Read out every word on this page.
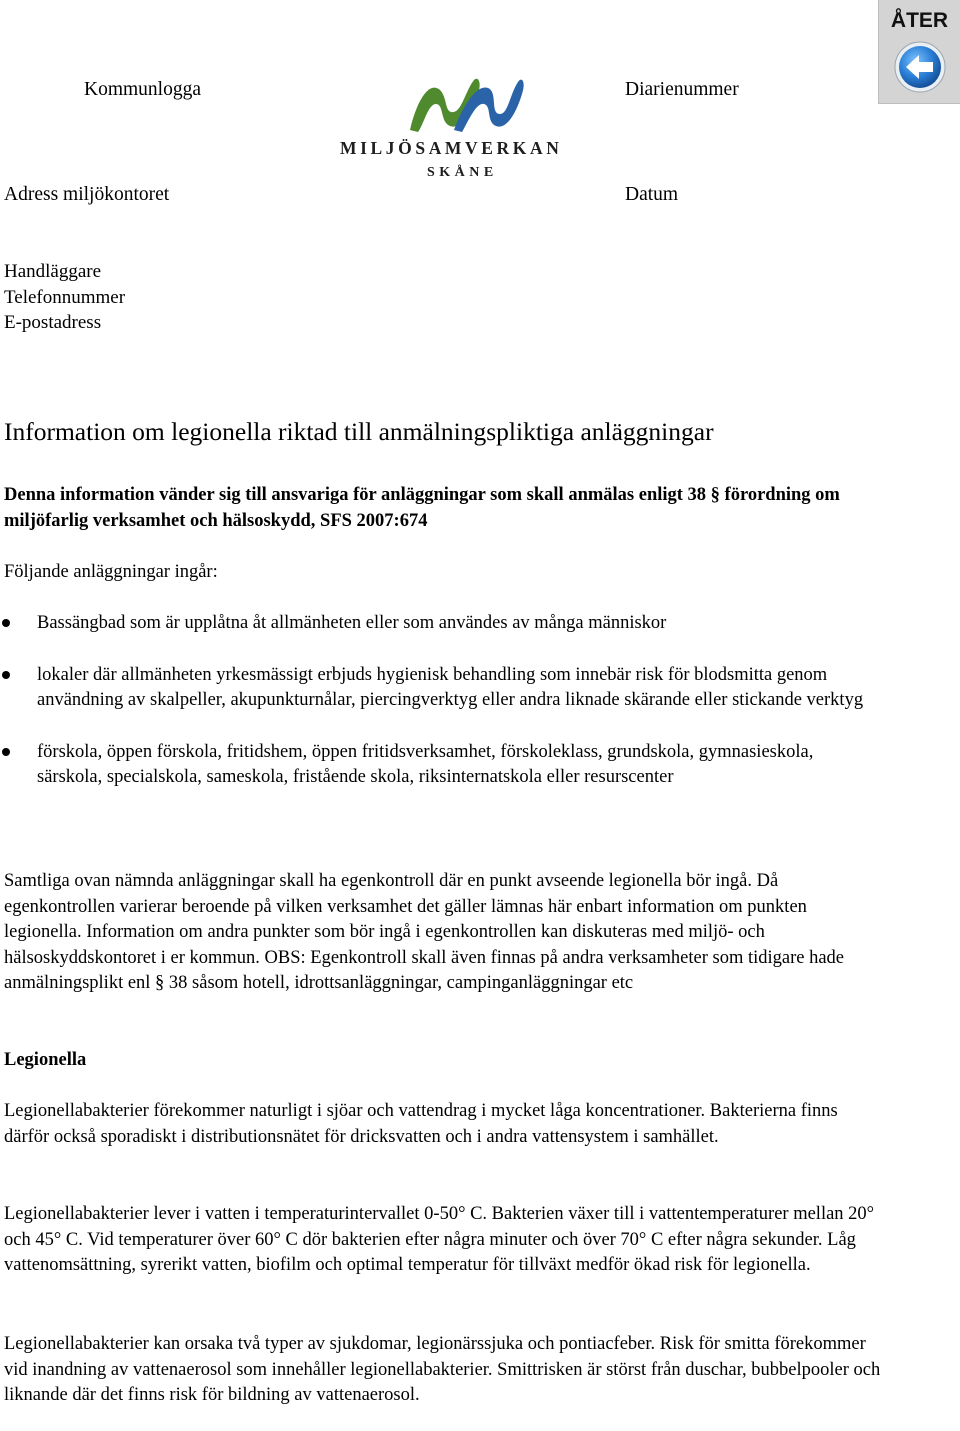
ÅTER
Kommunlogga	Diarienummer
Adress miljökontoret	Datum
MILJÖSAMVERKAN
SKÅNE
Handläggare
Telefonnummer
E-postadress
Information om legionella riktad till anmälningspliktiga anläggningar
Denna information vänder sig till ansvariga för anläggningar som skall anmälas enligt 38 § förordning om miljöfarlig verksamhet och hälsoskydd, SFS 2007:674
Följande anläggningar ingår:
Bassängbad som är upplåtna åt allmänheten eller som användes av många människor
lokaler där allmänheten yrkesmässigt erbjuds hygienisk behandling som innebär risk för blodsmitta genom användning av skalpeller, akupunkturnålar, piercingverktyg eller andra liknade skärande eller stickande verktyg
förskola, öppen förskola, fritidshem, öppen fritidsverksamhet, förskoleklass, grundskola, gymnasieskola, särskola, specialskola, sameskola, fristående skola, riksinternatskola eller resurscenter
Samtliga ovan nämnda anläggningar skall ha egenkontroll där en punkt avseende legionella bör ingå. Då egenkontrollen varierar beroende på vilken verksamhet det gäller lämnas här enbart information om punkten legionella. Information om andra punkter som bör ingå i egenkontrollen kan diskuteras med miljö- och hälsoskyddskontoret i er kommun. OBS: Egenkontroll skall även finnas på andra verksamheter som tidigare hade anmälningsplikt enl § 38 såsom hotell, idrottsanläggningar, campinganläggningar etc
Legionella
Legionellabakterier förekommer naturligt i sjöar och vattendrag i mycket låga koncentrationer. Bakterierna finns därför också sporadiskt i distributionsnätet för dricksvatten och i andra vattensystem i samhället.
Legionellabakterier lever i vatten i temperaturintervallet 0-50° C. Bakterien växer till i vattentemperaturer mellan 20° och 45° C. Vid temperaturer över 60° C dör bakterien efter några minuter och över 70° C efter några sekunder. Låg vattenomsättning, syrerikt vatten, biofilm och optimal temperatur för tillväxt medför ökad risk för legionella.
Legionellabakterier kan orsaka två typer av sjukdomar, legionärssjuka och pontiacfeber. Risk för smitta förekommer vid inandning av vattenaerosol som innehåller legionellabakterier. Smittrisken är störst från duschar, bubbelpooler och liknande där det finns risk för bildning av vattenaerosol.
